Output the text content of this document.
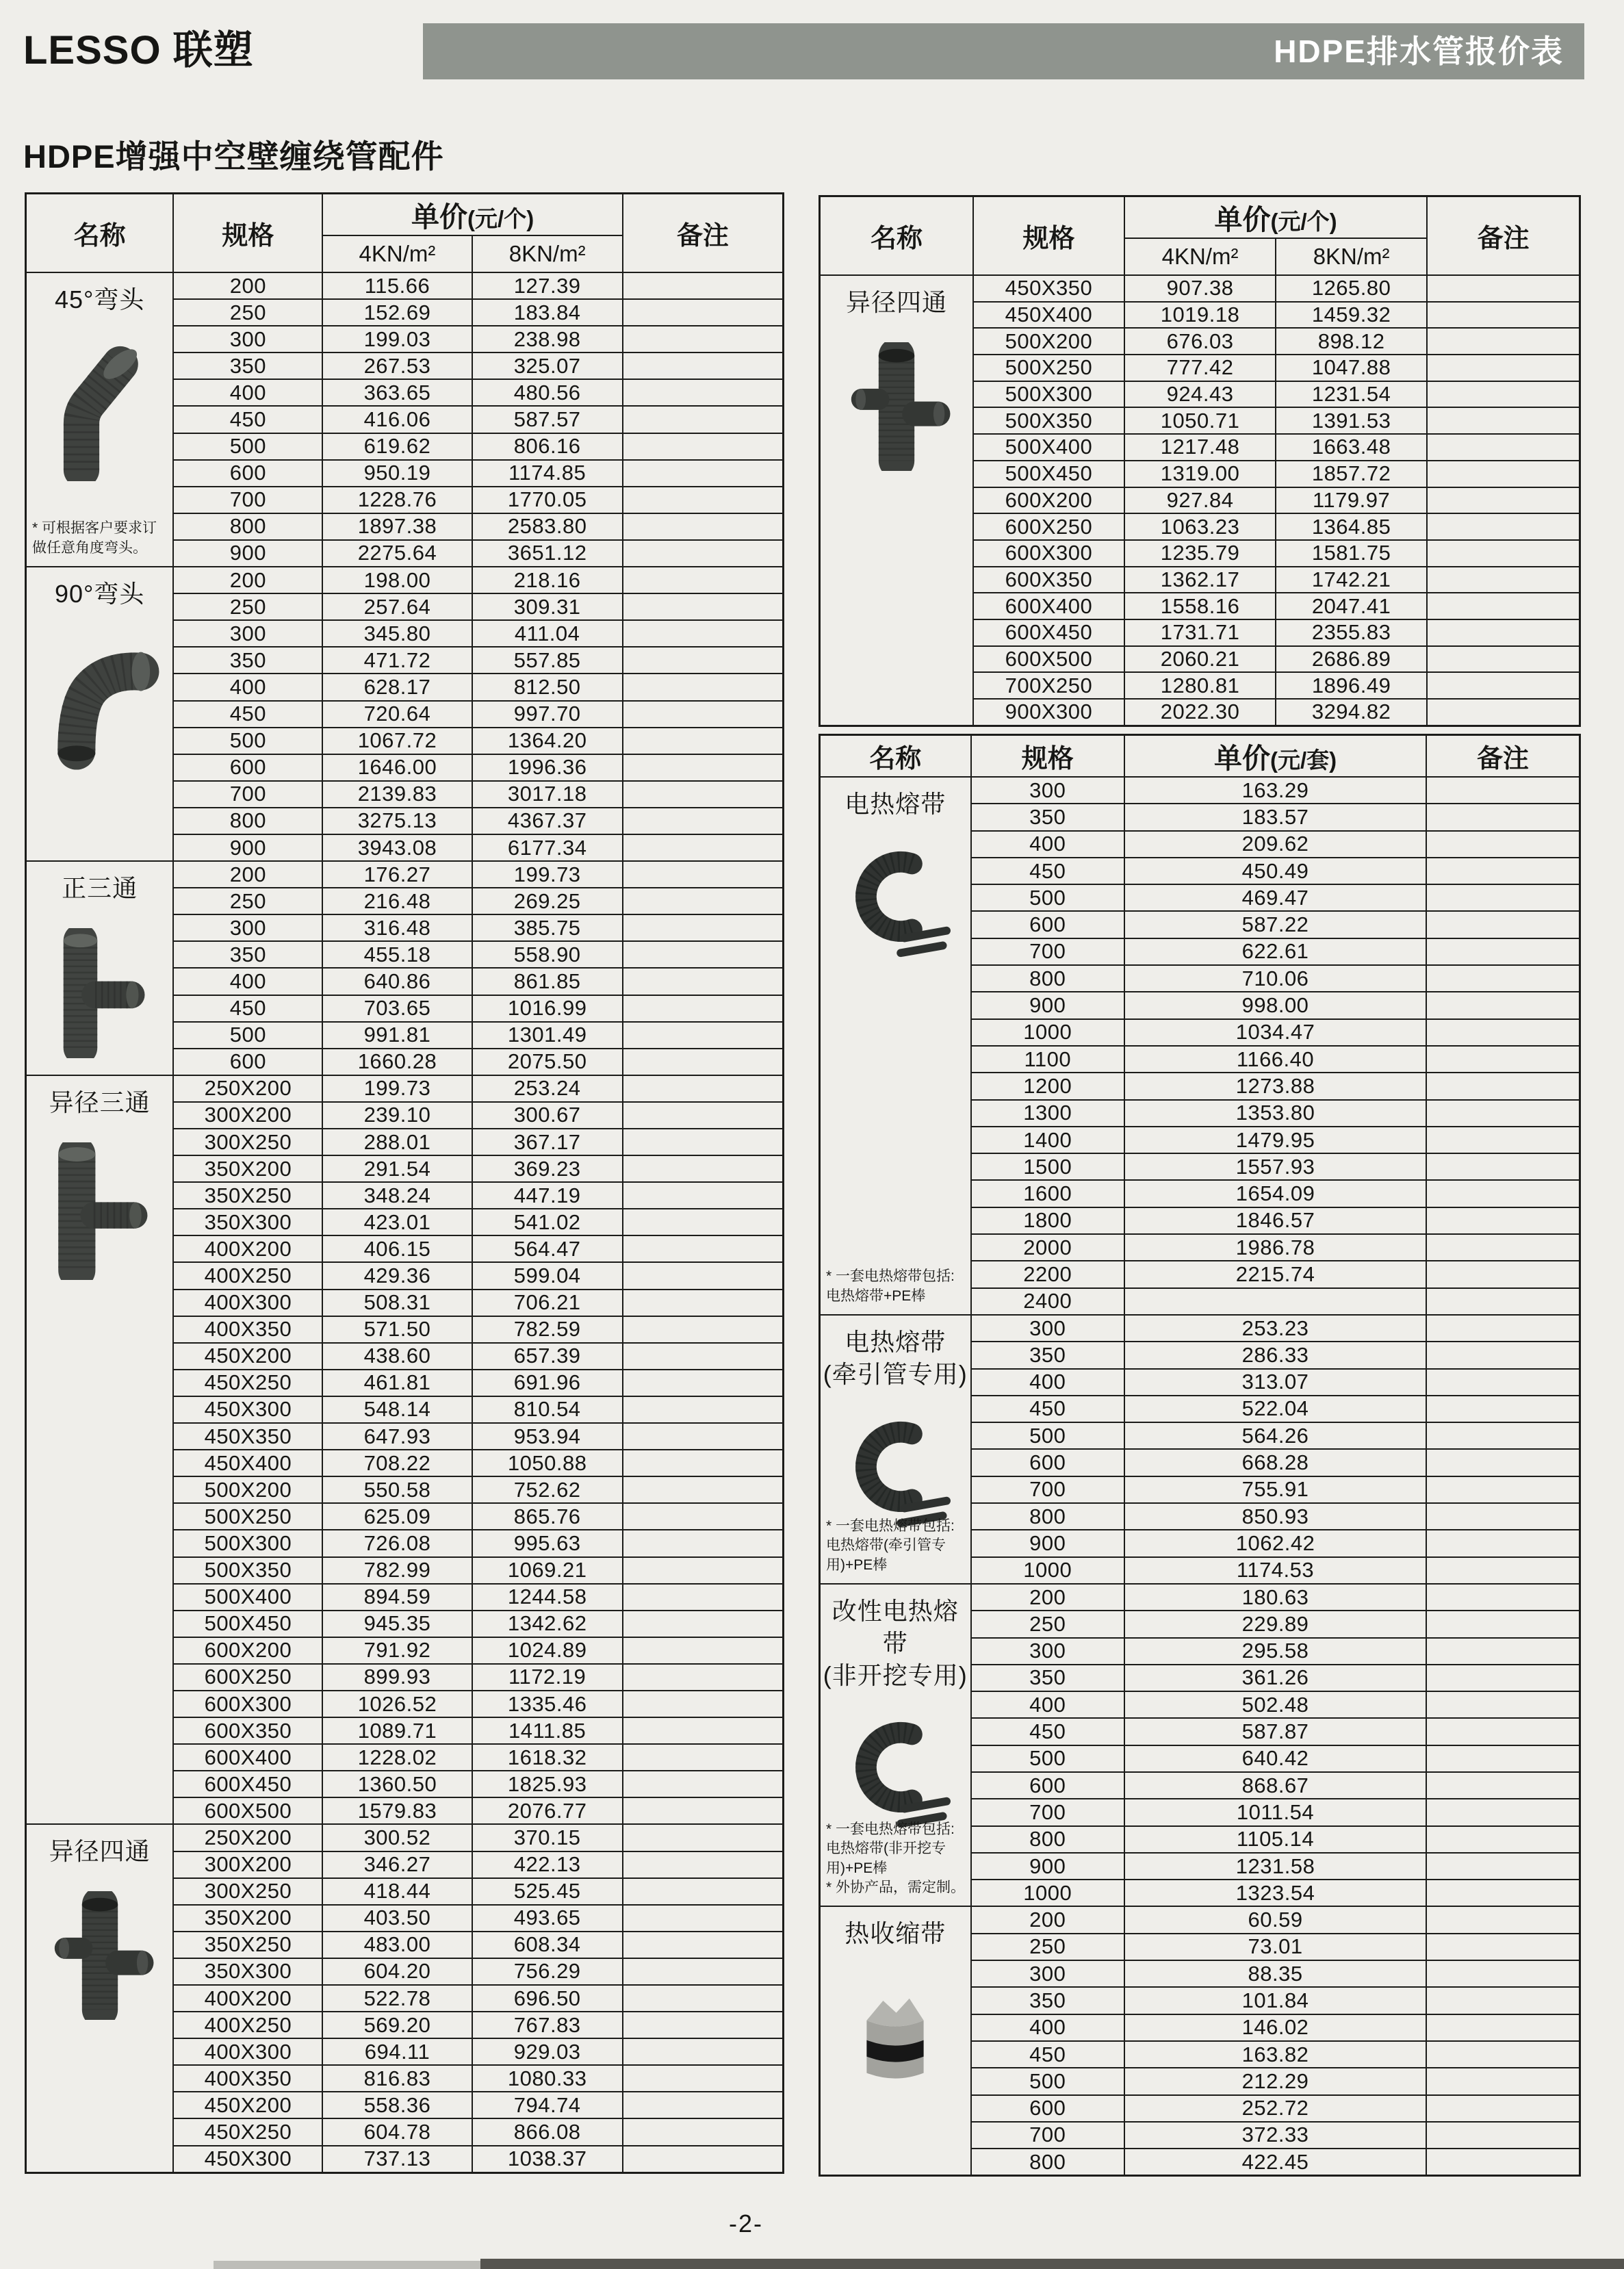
LESSO 联塑	HDPE排水管报价表
HDPE增强中空壁缠绕管配件
名称	规格	单价(元/个)		备注
		4KN/m²	8KN/m²	

45°弯头
* 可根据客户要求订
做任意角度弯头。	200	115.66	127.39	
	250	152.69	183.84	
	300	199.03	238.98	
	350	267.53	325.07	
	400	363.65	480.56	
	450	416.06	587.57	
	500	619.62	806.16	
	600	950.19	1174.85	
	700	1228.76	1770.05	
	800	1897.38	2583.80	
	900	2275.64	3651.12	

90°弯头	200	198.00	218.16	
	250	257.64	309.31	
	300	345.80	411.04	
	350	471.72	557.85	
	400	628.17	812.50	
	450	720.64	997.70	
	500	1067.72	1364.20	
	600	1646.00	1996.36	
	700	2139.83	3017.18	
	800	3275.13	4367.37	
	900	3943.08	6177.34	

正三通	200	176.27	199.73	
	250	216.48	269.25	
	300	316.48	385.75	
	350	455.18	558.90	
	400	640.86	861.85	
	450	703.65	1016.99	
	500	991.81	1301.49	
	600	1660.28	2075.50	

异径三通	250X200	199.73	253.24	
	300X200	239.10	300.67	
	300X250	288.01	367.17	
	350X200	291.54	369.23	
	350X250	348.24	447.19	
	350X300	423.01	541.02	
	400X200	406.15	564.47	
	400X250	429.36	599.04	
	400X300	508.31	706.21	
	400X350	571.50	782.59	
	450X200	438.60	657.39	
	450X250	461.81	691.96	
	450X300	548.14	810.54	
	450X350	647.93	953.94	
	450X400	708.22	1050.88	
	500X200	550.58	752.62	
	500X250	625.09	865.76	
	500X300	726.08	995.63	
	500X350	782.99	1069.21	
	500X400	894.59	1244.58	
	500X450	945.35	1342.62	
	600X200	791.92	1024.89	
	600X250	899.93	1172.19	
	600X300	1026.52	1335.46	
	600X350	1089.71	1411.85	
	600X400	1228.02	1618.32	
	600X450	1360.50	1825.93	
	600X500	1579.83	2076.77	

异径四通	250X200	300.52	370.15	
	300X200	346.27	422.13	
	300X250	418.44	525.45	
	350X200	403.50	493.65	
	350X250	483.00	608.34	
	350X300	604.20	756.29	
	400X200	522.78	696.50	
	400X250	569.20	767.83	
	400X300	694.11	929.03	
	400X350	816.83	1080.33	
	450X200	558.36	794.74	
	450X250	604.78	866.08	
	450X300	737.13	1038.37	
名称	规格	单价(元/个)		备注
		4KN/m²	8KN/m²	

异径四通	450X350	907.38	1265.80	
	450X400	1019.18	1459.32	
	500X200	676.03	898.12	
	500X250	777.42	1047.88	
	500X300	924.43	1231.54	
	500X350	1050.71	1391.53	
	500X400	1217.48	1663.48	
	500X450	1319.00	1857.72	
	600X200	927.84	1179.97	
	600X250	1063.23	1364.85	
	600X300	1235.79	1581.75	
	600X350	1362.17	1742.21	
	600X400	1558.16	2047.41	
	600X450	1731.71	2355.83	
	600X500	2060.21	2686.89	
	700X250	1280.81	1896.49	
	900X300	2022.30	3294.82	
名称	规格	单价(元/套)	备注

电热熔带
* 一套电热熔带包括:
电热熔带+PE棒	300	163.29	
	350	183.57	
	400	209.62	
	450	450.49	
	500	469.47	
	600	587.22	
	700	622.61	
	800	710.06	
	900	998.00	
	1000	1034.47	
	1100	1166.40	
	1200	1273.88	
	1300	1353.80	
	1400	1479.95	
	1500	1557.93	
	1600	1654.09	
	1800	1846.57	
	2000	1986.78	
	2200	2215.74	
	2400		

电热熔带
(牵引管专用)
* 一套电热熔带包括:
电热熔带(牵引管专
用)+PE棒	300	253.23	
	350	286.33	
	400	313.07	
	450	522.04	
	500	564.26	
	600	668.28	
	700	755.91	
	800	850.93	
	900	1062.42	
	1000	1174.53	

改性电热熔带
(非开挖专用)
* 一套电热熔带包括:
电热熔带(非开挖专
用)+PE棒
* 外协产品，需定制。
	200	180.63	
	250	229.89	
	300	295.58	
	350	361.26	
	400	502.48	
	450	587.87	
	500	640.42	
	600	868.67	
	700	1011.54	
	800	1105.14	
	900	1231.58	
	1000	1323.54	

热收缩带	200	60.59	
	250	73.01	
	300	88.35	
	350	101.84	
	400	146.02	
	450	163.82	
	500	212.29	
	600	252.72	
	700	372.33	
	800	422.45	
-2-
